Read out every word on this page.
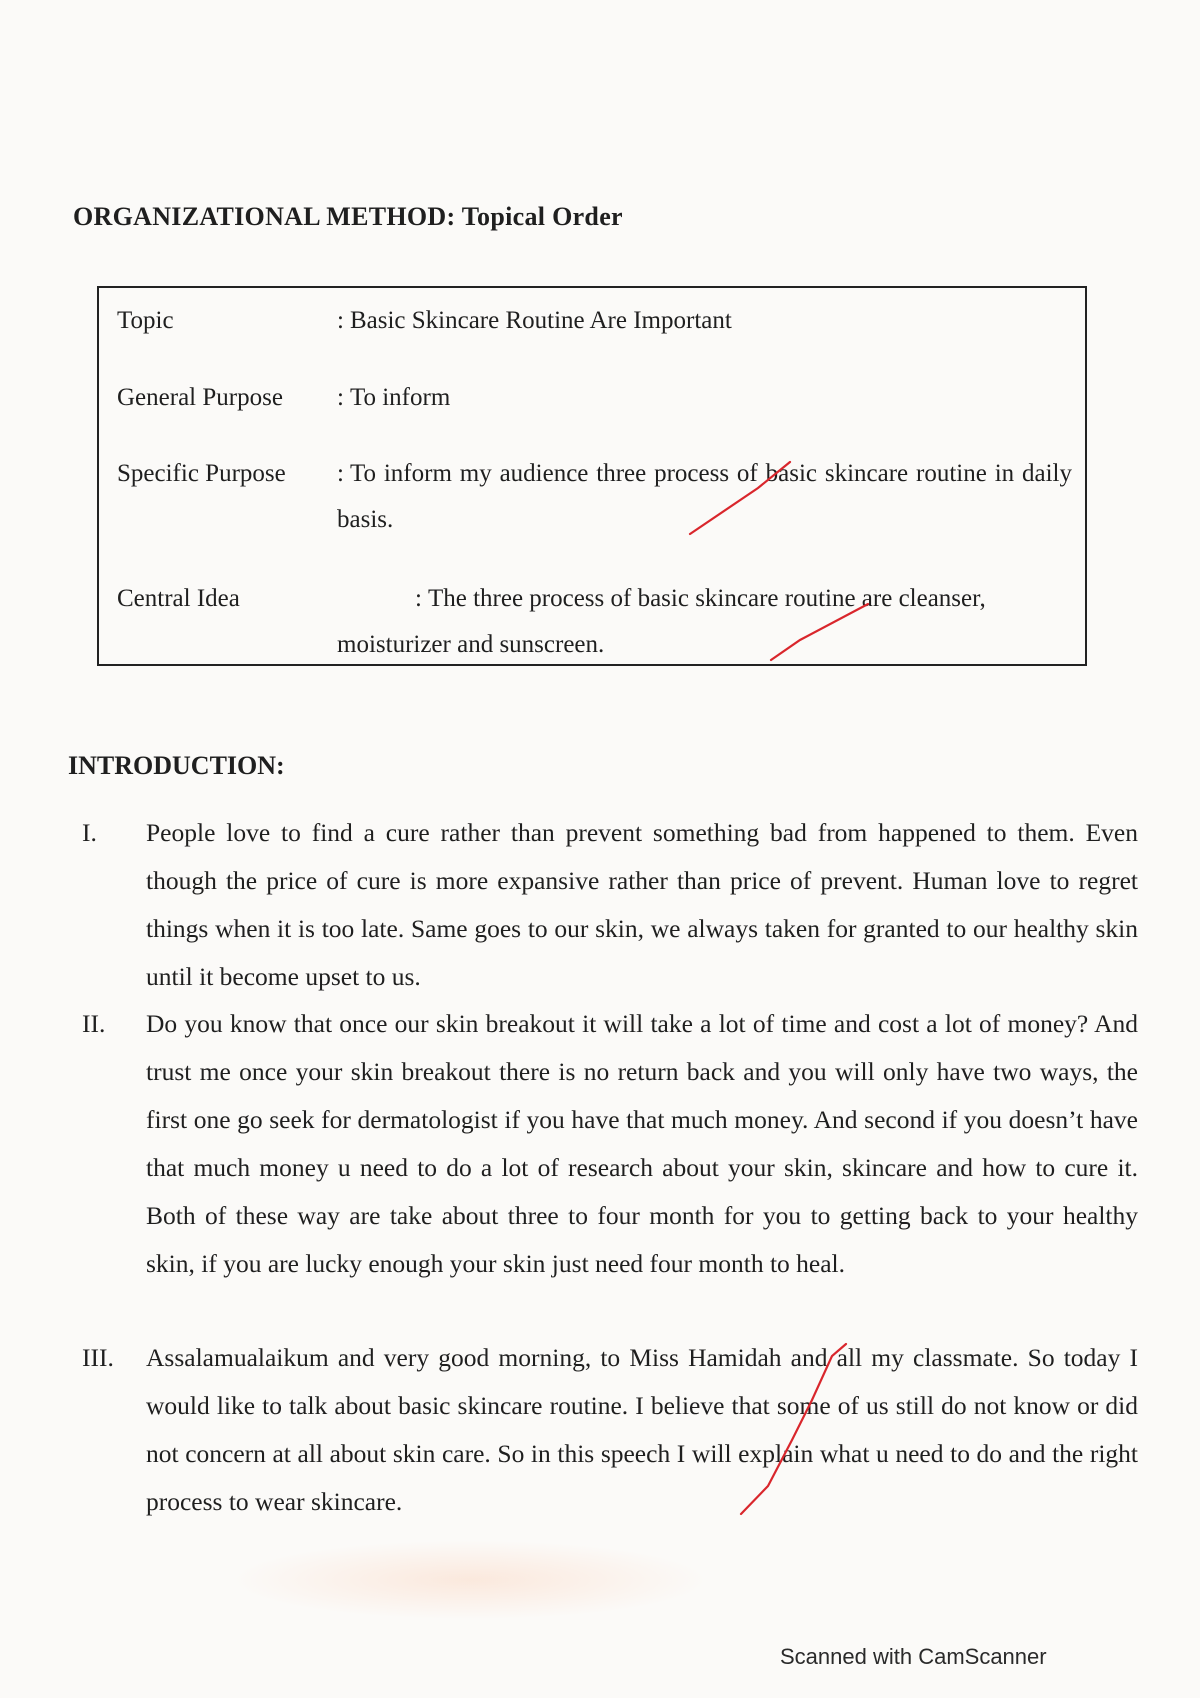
ORGANIZATIONAL METHOD: Topical Order
Topic	: Basic Skincare Routine Are Important
General Purpose : To inform
Specific Purpose : To inform my audience three process of basic skincare routine in daily basis.
Central Idea	: The three process of basic skincare routine are cleanser,
moisturizer and sunscreen.
INTRODUCTION:
I. People love to find a cure rather than prevent something bad from happened to them. Even though the price of cure is more expansive rather than price of prevent. Human love to regret things when it is too late. Same goes to our skin, we always taken for granted to our healthy skin until it become upset to us.
II. Do you know that once our skin breakout it will take a lot of time and cost a lot of money? And trust me once your skin breakout there is no return back and you will only have two ways, the first one go seek for dermatologist if you have that much money. And second if you doesn’t have that much money u need to do a lot of research about your skin, skincare and how to cure it. Both of these way are take about three to four month for you to getting back to your healthy skin, if you are lucky enough your skin just need four month to heal.
III. Assalamualaikum and very good morning, to Miss Hamidah and all my classmate. So today I would like to talk about basic skincare routine. I believe that some of us still do not know or did not concern at all about skin care. So in this speech I will explain what u need to do and the right process to wear skincare.
Scanned with CamScanner
